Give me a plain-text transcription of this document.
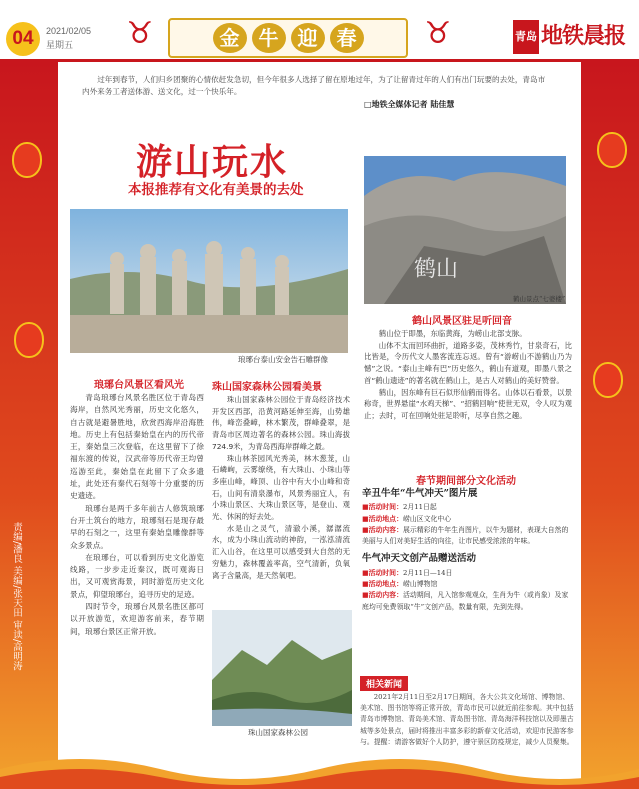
04	2021/02/05
星期五	♉	金 牛 迎 春 ♉	青岛 地铁晨报
责编/潘良 美编/张天田 审读/高明涛
过年到春节，人们归乡团聚的心情依赶发急切，但今年很多人选择了留在原地过年，为了让留青过年的人们有出门玩要的去处，青岛市内外来务工者送体游、送文化，过一个快乐年。
□地铁全媒体记者 陆佳慧
游山玩水
本报推荐有文化有美景的去处
琅琊台泰山安金告石雕群像
鹤山
鹤山景点“七婆楼”
琅琊台风景区看风光

青岛琅琊台风景名胜区位于青岛西海岸，自然风光秀丽，历史文化悠久，自古就是避暑胜地，欣赏西海岸沿海胜地。历史上有包括秦始皇在内的历代帝王，秦始皇三次登临，在这里留下了徐福东渡的传说，汉武帝等历代帝王均曾巡游至此，秦始皇在此留下了众多遗址，此处还有秦代石刻等十分重要的历史遗迹。

琅琊台是两千多年前古人修筑琅琊台开土筑台的地方，琅琊刻石是现存最早的石刻之一，这里有秦始皇雕像群等众多景点。

在琅琊台，可以看到历史文化游览线路，一步步走近秦汉，既可观海日出，又可观赏海景，同时游览历史文化景点，仰望琅琊台，追寻历史的足迹。

四时节令，琅琊台风景名胜区都可以开放游览，欢迎游客前来，春节期间，琅琊台景区正常开放。

珠山国家森林公园看美景

珠山国家森林公园位于青岛经济技术开发区西部，沿黄河路延伸至海，山势雄伟，峰峦叠嶂，林木繁茂，群峰叠翠，是青岛市区周边著名的森林公园。珠山海拔724.9米，为青岛西海岸群峰之最。

珠山林茶园风光秀美，林木葱茏，山石嶙峋，云雾缭绕，有大珠山、小珠山等多座山峰，峰顶、山谷中有大小山峰和奇石，山间有清泉瀑布，风景秀丽宜人，有小珠山景区、大珠山景区等，是登山、观光、休闲的好去处。

水是山之灵气，清澈小溪，潺潺流水，成为小珠山流动的神韵，一泓泓清流汇入山谷，在这里可以感受到大自然的无穷魅力，森林覆盖率高，空气清新，负氧离子含量高，是天然氧吧。

珠山国家森林公园
鹤山风景区驻足听回音

鹤山位于即墨，东临黄海，为崂山北部支脉。

山体不太而回环曲折，道路多姿，茂林秀竹，甘泉奇石，比比皆是，令历代文人墨客流连忘返。曾有“游崂山不游鹤山乃为憾”之说。“泰山主峰有巴”历史悠久，鹤山有道观，即墨八景之首“鹤山遗迹”的著名就在鹤山上，是古人对鹤山的美好赞誉。

鹤山，因东峰有巨石似形仙鹤而得名。山体以石看景，以景称奇，世界悬崖“水鸡天梯”、“招鹤回响”使世无双，令人叹为观止；去时，可在回响处驻足聆听，尽享自然之趣。

春节期间部分文化活动
辛丑牛年“牛气冲天”图片展
■活动时间：2月11日起
■活动地点：崂山区文化中心
■活动内容：展示精彩的牛年生肖图片，以牛为题材，表现大自然的美丽与人们对美好生活的向往，让市民感受浓浓的年味。
牛气冲天文创产品赠送活动
■活动时间：2月11日—14日
■活动地点：崂山博物馆
■活动内容：活动期间，凡入馆参观观众，生肖为牛（或肖象）及家庭均可免费领取“牛”文创产品，数量有限，先到先得。
相关新闻
2021年2月11日至2月17日期间，各大公共文化场馆、博物馆、美术馆、图书馆等将正常开放，青岛市民可以就近前往参观。其中包括青岛市博物馆、青岛美术馆、青岛图书馆、青岛海洋科技馆以及即墨古城等多处景点，届时将推出丰富多彩的新春文化活动，欢迎市民游客参与。提醒：请游客做好个人防护，遵守景区防疫规定，减少人员聚集。
